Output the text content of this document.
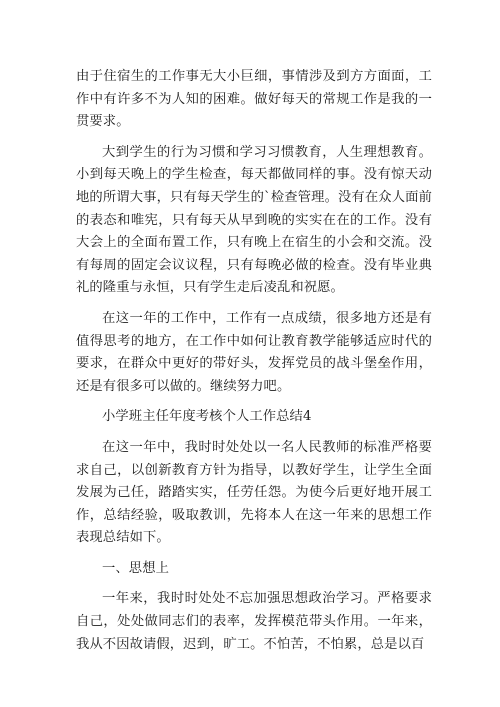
由于住宿生的工作事无大小巨细，事情涉及到方方面面，工作中有许多不为人知的困难。做好每天的常规工作是我的一贯要求。

大到学生的行为习惯和学习习惯教育，人生理想教育。小到每天晚上的学生检查，每天都做同样的事。没有惊天动地的所谓大事，只有每天学生的`检查管理。没有在众人面前的表态和唯宪，只有每天从早到晚的实实在在的工作。没有大会上的全面布置工作，只有晚上在宿生的小会和交流。没有每周的固定会议议程，只有每晚必做的检查。没有毕业典礼的隆重与永恒，只有学生走后凌乱和祝愿。

在这一年的工作中，工作有一点成绩，很多地方还是有值得思考的地方，在工作中如何让教育教学能够适应时代的要求，在群众中更好的带好头，发挥党员的战斗堡垒作用，还是有很多可以做的。继续努力吧。

小学班主任年度考核个人工作总结4

在这一年中，我时时处处以一名人民教师的标准严格要求自己，以创新教育方针为指导，以教好学生，让学生全面发展为己任，踏踏实实，任劳任怨。为使今后更好地开展工作，总结经验，吸取教训，先将本人在这一年来的思想工作表现总结如下。

一、思想上

一年来，我时时处处不忘加强思想政治学习。严格要求自己，处处做同志们的表率，发挥模范带头作用。一年来，我从不因故请假，迟到，旷工。不怕苦，不怕累，总是以百
